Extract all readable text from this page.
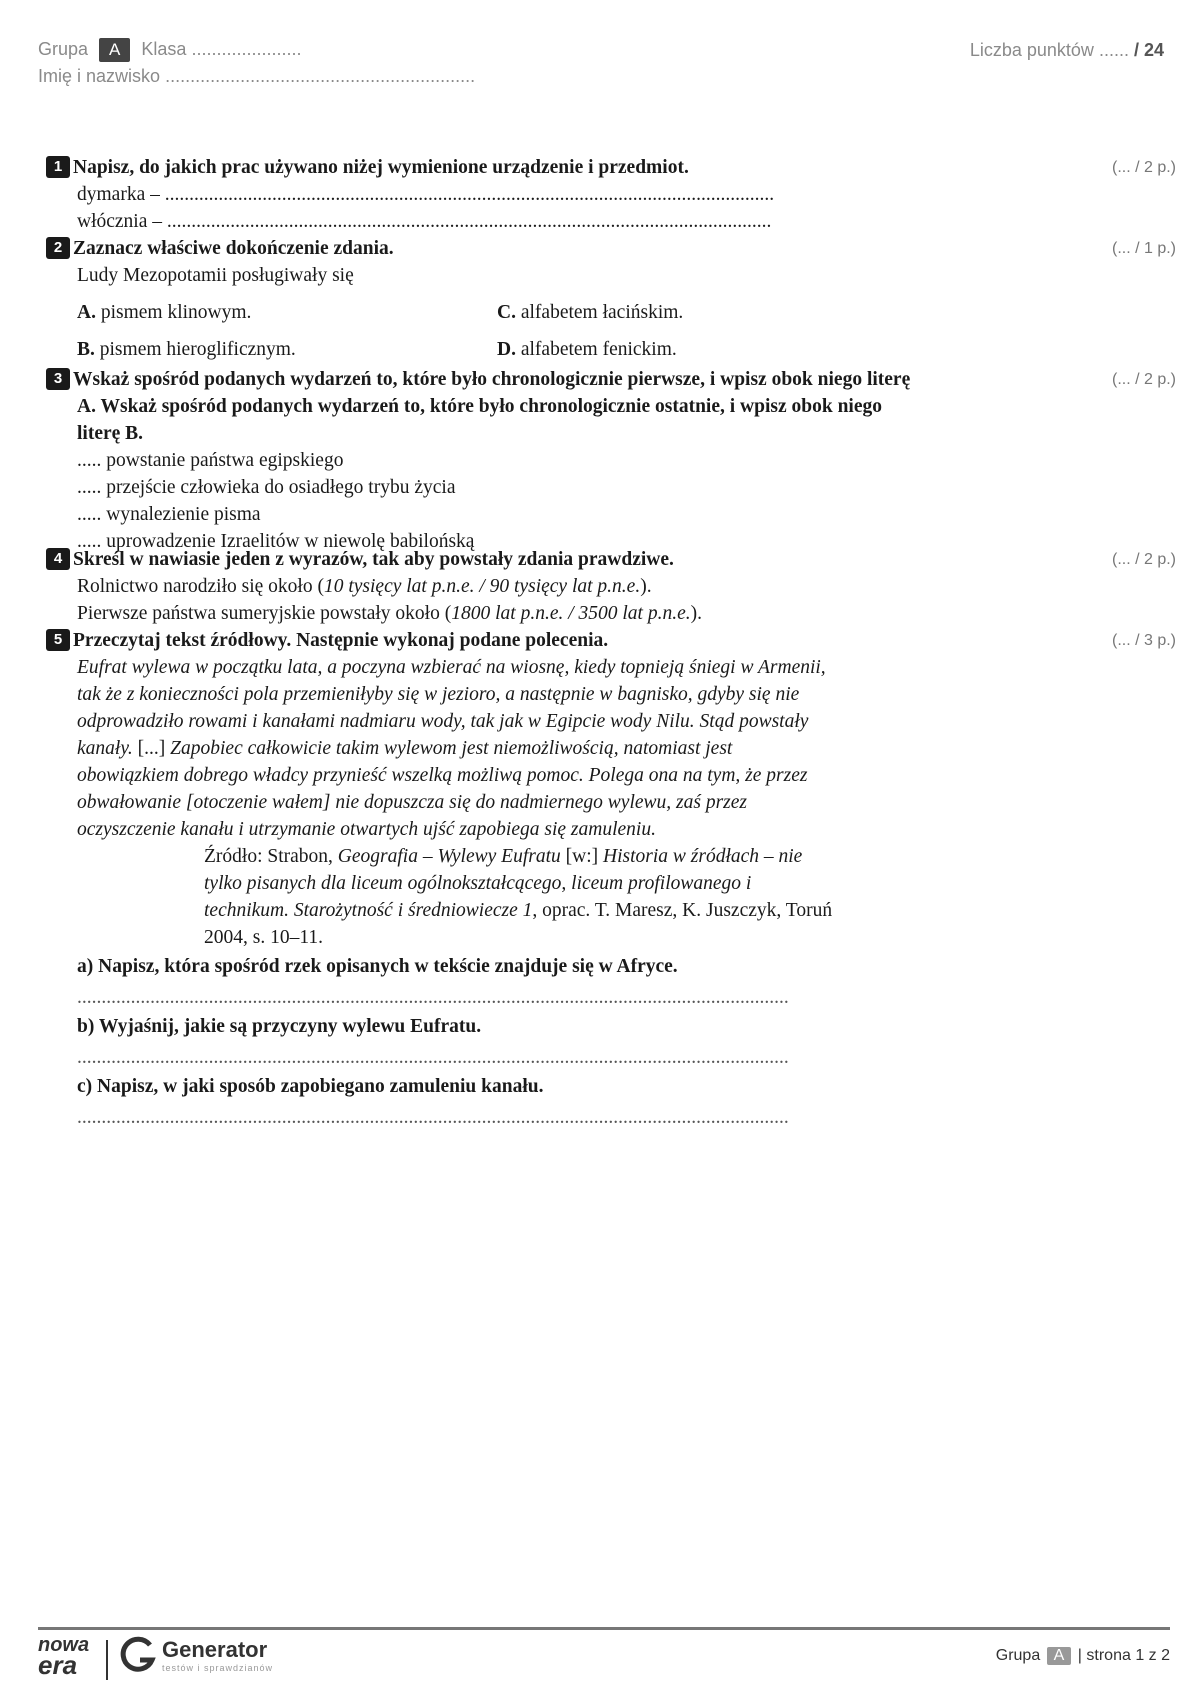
Grupa A Klasa ......................
Imię i nazwisko ..............................................................
Liczba punktów ...... / 24
(... / 2 p.)
1 Napisz, do jakich prac używano niżej wymienione urządzenie i przedmiot.
dymarka – .............................................................................................................................
włócznia – ............................................................................................................................
(... / 1 p.)
2 Zaznacz właściwe dokończenie zdania.
Ludy Mezopotamii posługiwały się
A. pismem klinowym.	C. alfabetem łacińskim.
B. pismem hieroglificznym.	D. alfabetem fenickim.
(... / 2 p.)
3 Wskaż spośród podanych wydarzeń to, które było chronologicznie pierwsze, i wpisz obok niego literę A. Wskaż spośród podanych wydarzeń to, które było chronologicznie ostatnie, i wpisz obok niego literę B.
..... powstanie państwa egipskiego
..... przejście człowieka do osiadłego trybu życia
..... wynalezienie pisma
..... uprowadzenie Izraelitów w niewolę babilońską
(... / 2 p.)
4 Skreśl w nawiasie jeden z wyrazów, tak aby powstały zdania prawdziwe.
Rolnictwo narodziło się około (10 tysięcy lat p.n.e. / 90 tysięcy lat p.n.e.).
Pierwsze państwa sumeryjskie powstały około (1800 lat p.n.e. / 3500 lat p.n.e.).
(... / 3 p.)
5 Przeczytaj tekst źródłowy. Następnie wykonaj podane polecenia.
Eufrat wylewa w początku lata, a poczyna wzbierać na wiosnę, kiedy topnieją śniegi w Armenii, tak że z konieczności pola przemieniłyby się w jezioro, a następnie w bagnisko, gdyby się nie odprowadziło rowami i kanałami nadmiaru wody, tak jak w Egipcie wody Nilu. Stąd powstały kanały. [...] Zapobiec całkowicie takim wylewom jest niemożliwością, natomiast jest obowiązkiem dobrego władcy przynieść wszelką możliwą pomoc. Polega ona na tym, że przez obwałowanie [otoczenie wałem] nie dopuszcza się do nadmiernego wylewu, zaś przez oczyszczenie kanału i utrzymanie otwartych ujść zapobiega się zamuleniu.
Źródło: Strabon, Geografia – Wylewy Eufratu [w:] Historia w źródłach – nie tylko pisanych dla liceum ogólnokształcącego, liceum profilowanego i technikum. Starożytność i średniowiecze 1, oprac. T. Maresz, K. Juszczyk, Toruń 2004, s. 10–11.
a) Napisz, która spośród rzek opisanych w tekście znajduje się w Afryce.
..................................................................................................................................................
b) Wyjaśnij, jakie są przyczyny wylewu Eufratu.
..................................................................................................................................................
c) Napisz, w jaki sposób zapobiegano zamuleniu kanału.
..................................................................................................................................................
nowa
era
Generator
testów i sprawdzianów
Grupa A | strona 1 z 2
